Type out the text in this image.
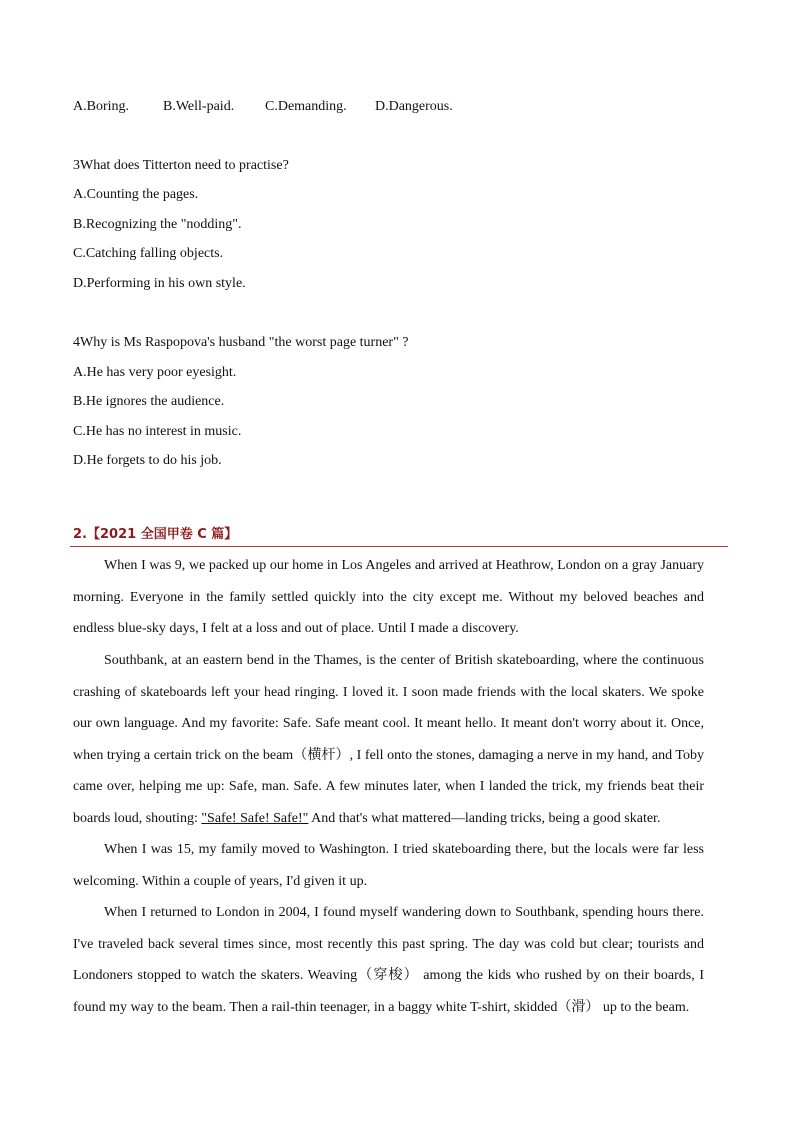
A.Boring. B.Well-paid. C.Demanding. D.Dangerous.
3What does Titterton need to practise?
A.Counting the pages.
B.Recognizing the "nodding".
C.Catching falling objects.
D.Performing in his own style.
4Why is Ms Raspopova's husband "the worst page turner" ?
A.He has very poor eyesight.
B.He ignores the audience.
C.He has no interest in music.
D.He forgets to do his job.
2.【2021 全国甲卷 C 篇】

When I was 9, we packed up our home in Los Angeles and arrived at Heathrow, London on a gray January morning. Everyone in the family settled quickly into the city except me. Without my beloved beaches and endless blue-sky days, I felt at a loss and out of place. Until I made a discovery.

Southbank, at an eastern bend in the Thames, is the center of British skateboarding, where the continuous crashing of skateboards left your head ringing. I loved it. I soon made friends with the local skaters. We spoke our own language. And my favorite: Safe. Safe meant cool. It meant hello. It meant don't worry about it. Once, when trying a certain trick on the beam（横杆）, I fell onto the stones, damaging a nerve in my hand, and Toby came over, helping me up: Safe, man. Safe. A few minutes later, when I landed the trick, my friends beat their boards loud, shouting: "Safe! Safe! Safe!" And that's what mattered—landing tricks, being a good skater.

When I was 15, my family moved to Washington. I tried skateboarding there, but the locals were far less welcoming. Within a couple of years, I'd given it up.

When I returned to London in 2004, I found myself wandering down to Southbank, spending hours there. I've traveled back several times since, most recently this past spring. The day was cold but clear; tourists and Londoners stopped to watch the skaters. Weaving（穿梭） among the kids who rushed by on their boards, I found my way to the beam. Then a rail-thin teenager, in a baggy white T-shirt, skidded（滑） up to the beam.
